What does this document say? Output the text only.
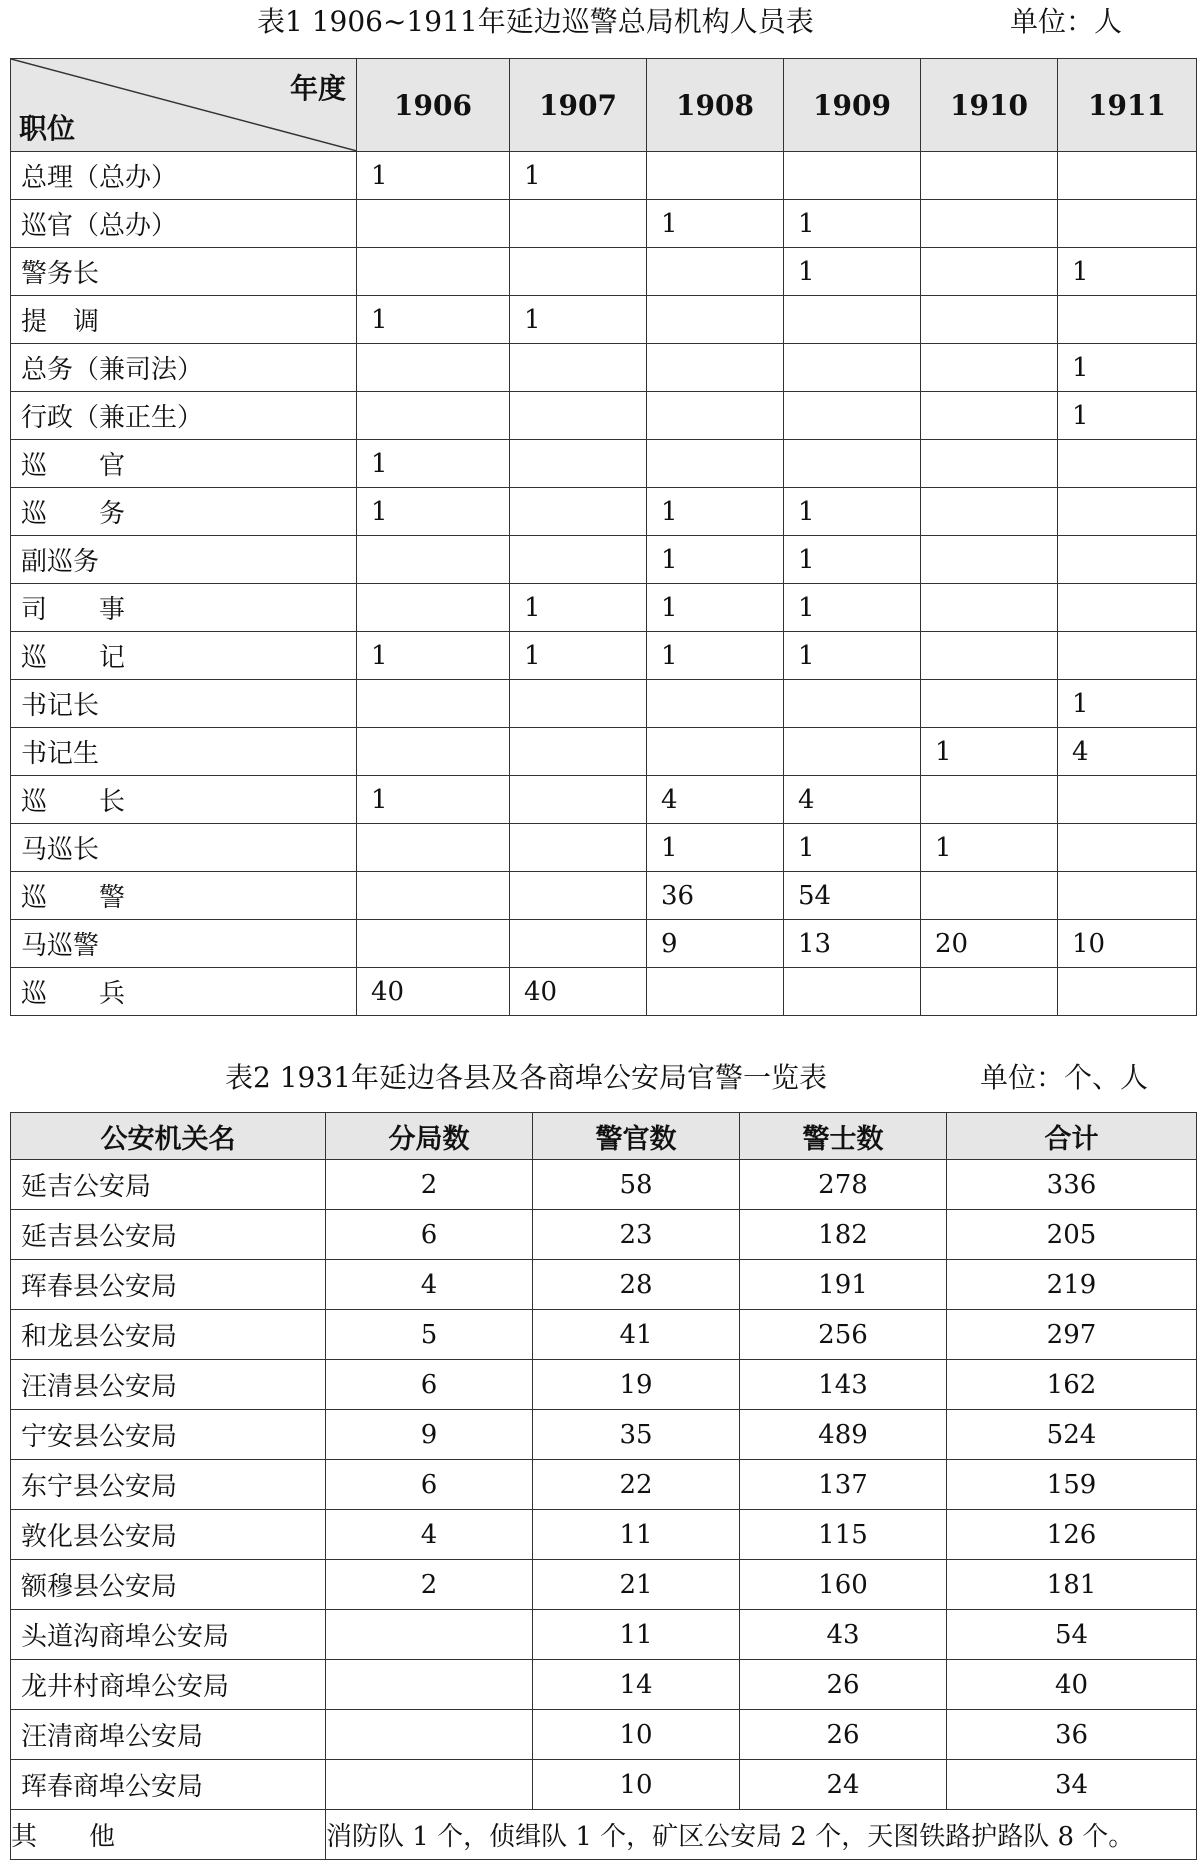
表1 1906~1911年延边巡警总局机构人员表	单位：人
年度
职位	1906	1907	1908	1909	1910	1911
总理（总办）	1	1				
巡官（总办）			1	1		
警务长				1		1
提　调	1	1				
总务（兼司法）						1
行政（兼正生）						1
巡　　官	1					
巡　　务	1		1	1		
副巡务			1	1		
司　　事		1	1	1		
巡　　记	1	1	1	1		
书记长						1
书记生					1	4
巡　　长	1		4	4		
马巡长			1	1	1	
巡　　警			36	54		
马巡警			9	13	20	10
巡　　兵	40	40				
表2 1931年延边各县及各商埠公安局官警一览表	单位：个、人
公安机关名	分局数	警官数	警士数	合计
延吉公安局	2	58	278	336
延吉县公安局	6	23	182	205
珲春县公安局	4	28	191	219
和龙县公安局	5	41	256	297
汪清县公安局	6	19	143	162
宁安县公安局	9	35	489	524
东宁县公安局	6	22	137	159
敦化县公安局	4	11	115	126
额穆县公安局	2	21	160	181
头道沟商埠公安局		11	43	54
龙井村商埠公安局		14	26	40
汪清商埠公安局		10	26	36
珲春商埠公安局		10	24	34
其　　他	消防队 1 个，侦缉队 1 个，矿区公安局 2 个，天图铁路护路队 8 个。			
